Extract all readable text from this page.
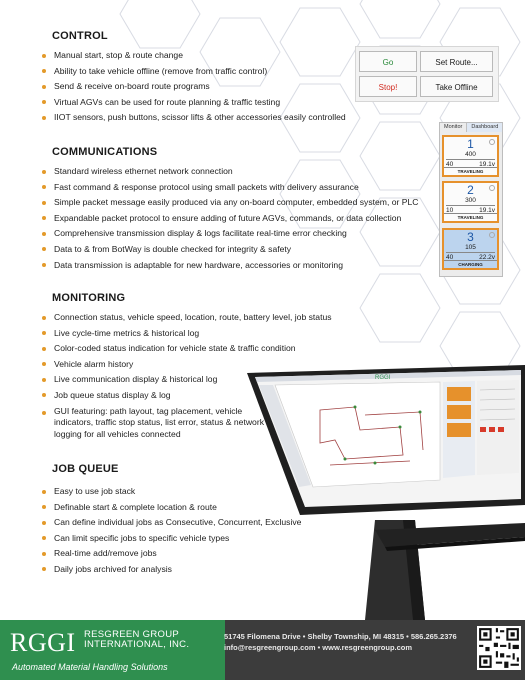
CONTROL
Manual start, stop & route change
Ability to take vehicle offline (remove from traffic control)
Send & receive on-board route programs
Virtual AGVs can be used for route planning & traffic testing
IIOT sensors, push buttons, scissor lifts & other accessories easily controlled
Go	Set Route...
Stop!	Take Offline
COMMUNICATIONS
Standard wireless ethernet network connection
Fast command & response protocol using small packets with delivery assurance
Simple packet message easily produced via any on-board computer, embedded system, or PLC
Expandable packet protocol to ensure adding of future AGVs, commands, or data collection
Comprehensive transmission display & logs facilitate real-time error checking
Data to & from BotWay is double checked for integrity & safety
Data transmission is adaptable for new hardware, accessories or monitoring
Monitor	Dashboard
1
400
40	19.1v
TRAVELING
2
300
10	19.1v
TRAVELING
3
105
40	22.2v
CHARGING
MONITORING
Connection status, vehicle speed, location, route, battery level, job status
Live cycle-time metrics & historical log
Color-coded status indication for vehicle state & traffic condition
Vehicle alarm history
Live communication display & historical log
Job queue status display & log
GUI featuring: path layout, tag placement, vehicle indicators, traffic stop status, list error, status & network logging for all vehicles connected
JOB QUEUE
Easy to use job stack
Definable start & complete location & route
Can define individual jobs as Consecutive, Concurrent, Exclusive
Can limit specific jobs to specific vehicle types
Real-time add/remove jobs
Daily jobs archived for analysis
RGGI
RGGI RESGREEN GROUP
INTERNATIONAL, INC.
Automated Material Handling Solutions
51745 Filomena Drive • Shelby Township, MI 48315 • 586.265.2376
info@resgreengroup.com • www.resgreengroup.com
